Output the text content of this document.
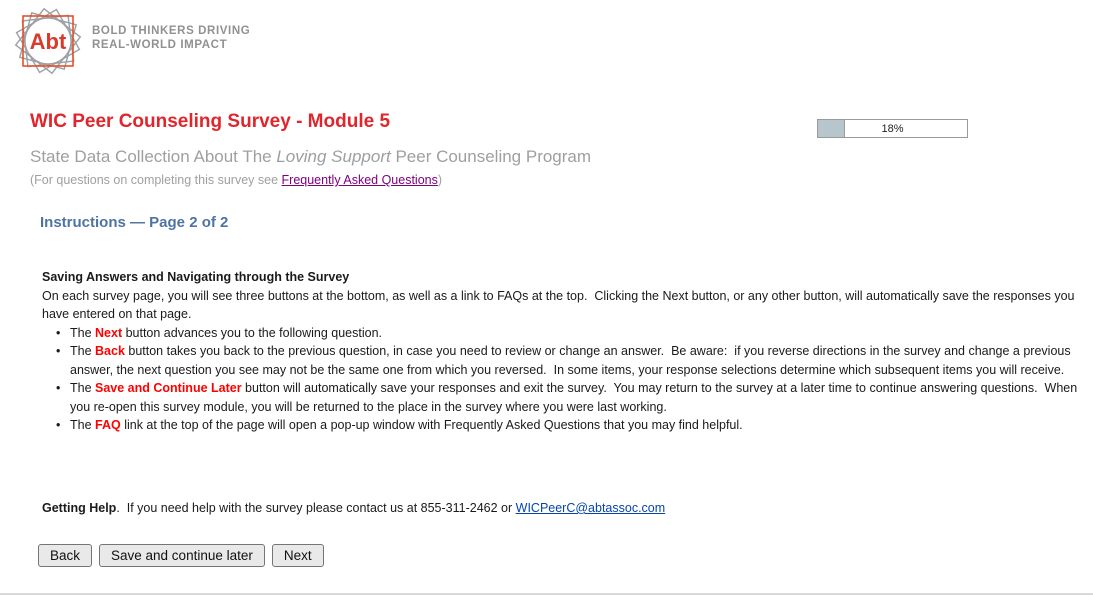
Abt BOLD THINKERS DRIVING
REAL-WORLD IMPACT
WIC Peer Counseling Survey - Module 5	18%
State Data Collection About The Loving Support Peer Counseling Program
(For questions on completing this survey see Frequently Asked Questions)
Instructions — Page 2 of 2
Saving Answers and Navigating through the Survey
On each survey page, you will see three buttons at the bottom, as well as a link to FAQs at the top.  Clicking the Next button, or any other button, will automatically save the responses you have entered on that page.
• The Next button advances you to the following question.
• The Back button takes you back to the previous question, in case you need to review or change an answer.  Be aware:  if you reverse directions in the survey and change a previous answer, the next question you see may not be the same one from which you reversed.  In some items, your response selections determine which subsequent items you will receive.
• The Save and Continue Later button will automatically save your responses and exit the survey.  You may return to the survey at a later time to continue answering questions.  When you re-open this survey module, you will be returned to the place in the survey where you were last working.
• The FAQ link at the top of the page will open a pop-up window with Frequently Asked Questions that you may find helpful.
Getting Help.  If you need help with the survey please contact us at 855-311-2462 or WICPeerC@abtassoc.com
Back	Save and continue later	Next
